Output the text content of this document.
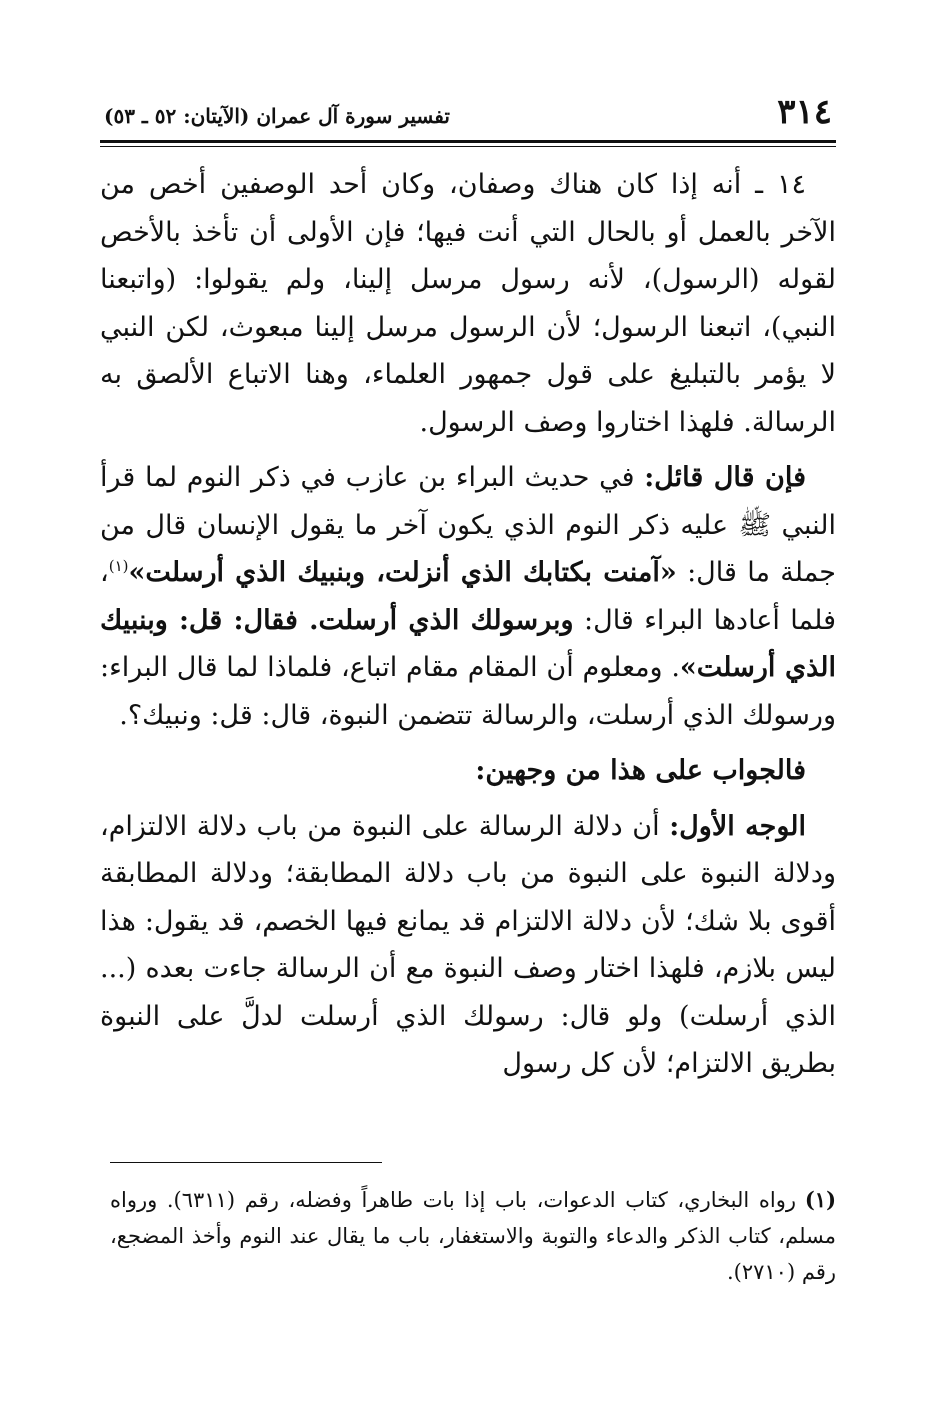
٣١٤
تفسير سورة آل عمران (الآيتان: ٥٢ ـ ٥٣)

١٤ ـ أنه إذا كان هناك وصفان، وكان أحد الوصفين أخص من الآخر بالعمل أو بالحال التي أنت فيها؛ فإن الأولى أن تأخذ بالأخص لقوله (الرسول)، لأنه رسول مرسل إلينا، ولم يقولوا: (واتبعنا النبي)، اتبعنا الرسول؛ لأن الرسول مرسل إلينا مبعوث، لكن النبي لا يؤمر بالتبليغ على قول جمهور العلماء، وهنا الاتباع الألصق به الرسالة. فلهذا اختاروا وصف الرسول.

فإن قال قائل: في حديث البراء بن عازب في ذكر النوم لما قرأ النبي ﷺ عليه ذكر النوم الذي يكون آخر ما يقول الإنسان قال من جملة ما قال: «آمنت بكتابك الذي أنزلت، وبنبيك الذي أرسلت»$^{(١)}$، فلما أعادها البراء قال: وبرسولك الذي أرسلت. فقال: قل: وبنبيك الذي أرسلت». ومعلوم أن المقام مقام اتباع، فلماذا لما قال البراء: ورسولك الذي أرسلت، والرسالة تتضمن النبوة، قال: قل: ونبيك؟.

فالجواب على هذا من وجهين:

الوجه الأول: أن دلالة الرسالة على النبوة من باب دلالة الالتزام، ودلالة النبوة على النبوة من باب دلالة المطابقة؛ ودلالة المطابقة أقوى بلا شك؛ لأن دلالة الالتزام قد يمانع فيها الخصم، قد يقول: هذا ليس بلازم، فلهذا اختار وصف النبوة مع أن الرسالة جاءت بعده (... الذي أرسلت) ولو قال: رسولك الذي أرسلت لدلَّ على النبوة بطريق الالتزام؛ لأن كل رسول

(١)رواه البخاري، كتاب الدعوات، باب إذا بات طاهراً وفضله، رقم (٦٣١١). ورواه مسلم، كتاب الذكر والدعاء والتوبة والاستغفار، باب ما يقال عند النوم وأخذ المضجع، رقم (٢٧١٠).
